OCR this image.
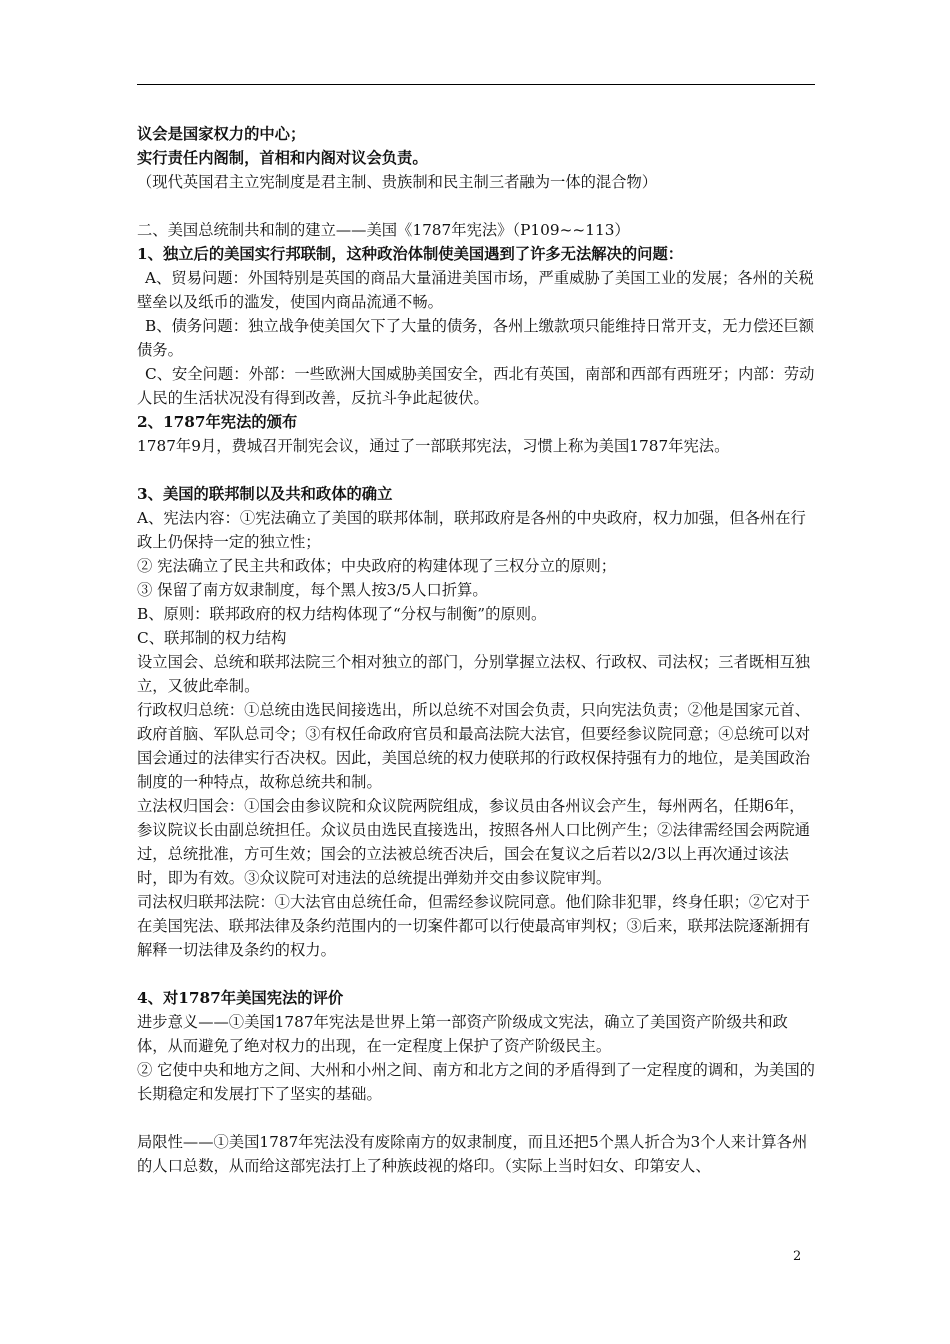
议会是国家权力的中心；

实行责任内阁制，首相和内阁对议会负责。

（现代英国君主立宪制度是君主制、贵族制和民主制三者融为一体的混合物）

二、美国总统制共和制的建立——美国《1787年宪法》（P109~~113）

1、独立后的美国实行邦联制，这种政治体制使美国遇到了许多无法解决的问题：

A、贸易问题：外国特别是英国的商品大量涌进美国市场，严重威胁了美国工业的发展；各州的关税壁垒以及纸币的滥发，使国内商品流通不畅。

B、债务问题：独立战争使美国欠下了大量的债务，各州上缴款项只能维持日常开支，无力偿还巨额债务。

C、安全问题：外部：一些欧洲大国威胁美国安全，西北有英国，南部和西部有西班牙；内部：劳动人民的生活状况没有得到改善，反抗斗争此起彼伏。

2、1787年宪法的颁布

1787年9月，费城召开制宪会议，通过了一部联邦宪法，习惯上称为美国1787年宪法。

3、美国的联邦制以及共和政体的确立

A、宪法内容：①宪法确立了美国的联邦体制，联邦政府是各州的中央政府，权力加强，但各州在行政上仍保持一定的独立性；

② 宪法确立了民主共和政体；中央政府的构建体现了三权分立的原则；

③ 保留了南方奴隶制度，每个黑人按3/5人口折算。

B、原则：联邦政府的权力结构体现了“分权与制衡”的原则。

C、联邦制的权力结构

设立国会、总统和联邦法院三个相对独立的部门，分别掌握立法权、行政权、司法权；三者既相互独立，又彼此牵制。

行政权归总统：①总统由选民间接选出，所以总统不对国会负责，只向宪法负责；②他是国家元首、政府首脑、军队总司令；③有权任命政府官员和最高法院大法官，但要经参议院同意；④总统可以对国会通过的法律实行否决权。因此，美国总统的权力使联邦的行政权保持强有力的地位，是美国政治制度的一种特点，故称总统共和制。

立法权归国会：①国会由参议院和众议院两院组成，参议员由各州议会产生，每州两名，任期6年，参议院议长由副总统担任。众议员由选民直接选出，按照各州人口比例产生；②法律需经国会两院通过，总统批准，方可生效；国会的立法被总统否决后，国会在复议之后若以2/3以上再次通过该法时，即为有效。③众议院可对违法的总统提出弹劾并交由参议院审判。

司法权归联邦法院：①大法官由总统任命，但需经参议院同意。他们除非犯罪，终身任职；②它对于在美国宪法、联邦法律及条约范围内的一切案件都可以行使最高审判权；③后来，联邦法院逐渐拥有解释一切法律及条约的权力。

4、对1787年美国宪法的评价

进步意义——①美国1787年宪法是世界上第一部资产阶级成文宪法，确立了美国资产阶级共和政体，从而避免了绝对权力的出现，在一定程度上保护了资产阶级民主。

② 它使中央和地方之间、大州和小州之间、南方和北方之间的矛盾得到了一定程度的调和，为美国的长期稳定和发展打下了坚实的基础。

局限性——①美国1787年宪法没有废除南方的奴隶制度，而且还把5个黑人折合为3个人来计算各州的人口总数，从而给这部宪法打上了种族歧视的烙印。（实际上当时妇女、印第安人、

2
